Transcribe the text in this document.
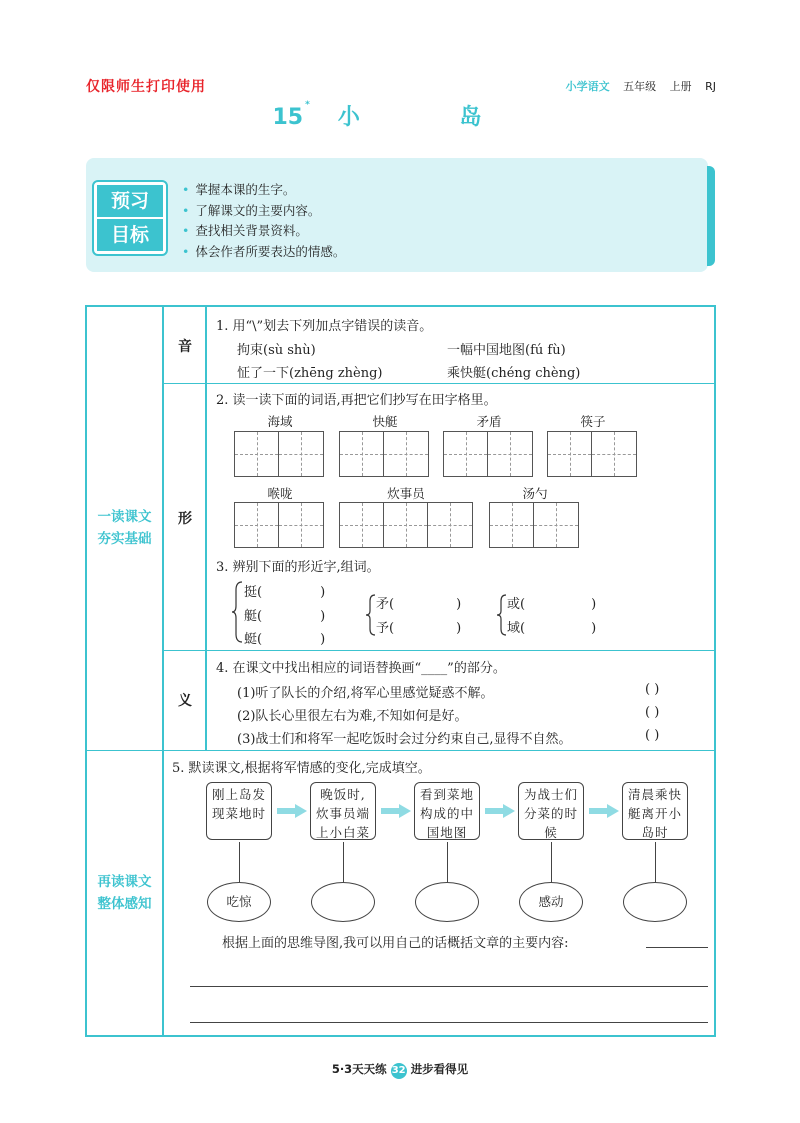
仅限师生打印使用	小学语文 五年级 上册 RJ
15 * 小 岛
预习
目标
• 掌握本课的生字。
• 了解课文的主要内容。
• 查找相关背景资料。
• 体会作者所要表达的情感。
一读课文
夯实基础
再读课文
整体感知
音
形
义
1. 用“\”划去下列加点字错误的读音。
拘束(sù shù)	一幅中国地图(fú fù)
怔了一下(zhēng zhèng)	乘快艇(chéng chèng)
2. 读一读下面的词语,再把它们抄写在田字格里。
海域	快艇	矛盾	筷子
喉咙	炊事员	汤勺
3. 辨别下面的形近字,组词。
挺(	)
艇(	)
蜓(	)
矛(	)
予(	)
或(	)
域(	)
4. 在课文中找出相应的词语替换画“____”的部分。
(1)听了队长的介绍,将军心里感觉疑惑不解。	( )
(2)队长心里很左右为难,不知如何是好。	( )
(3)战士们和将军一起吃饭时会过分约束自己,显得不自然。	( )
5. 默读课文,根据将军情感的变化,完成填空。
刚上岛发现菜地时
晚饭时,炊事员端上小白菜
看到菜地构成的中国地图
为战士们分菜的时候
清晨乘快艇离开小岛时
吃惊	感动
根据上面的思维导图,我可以用自己的话概括文章的主要内容:
5·3天天练 32 进步看得见
